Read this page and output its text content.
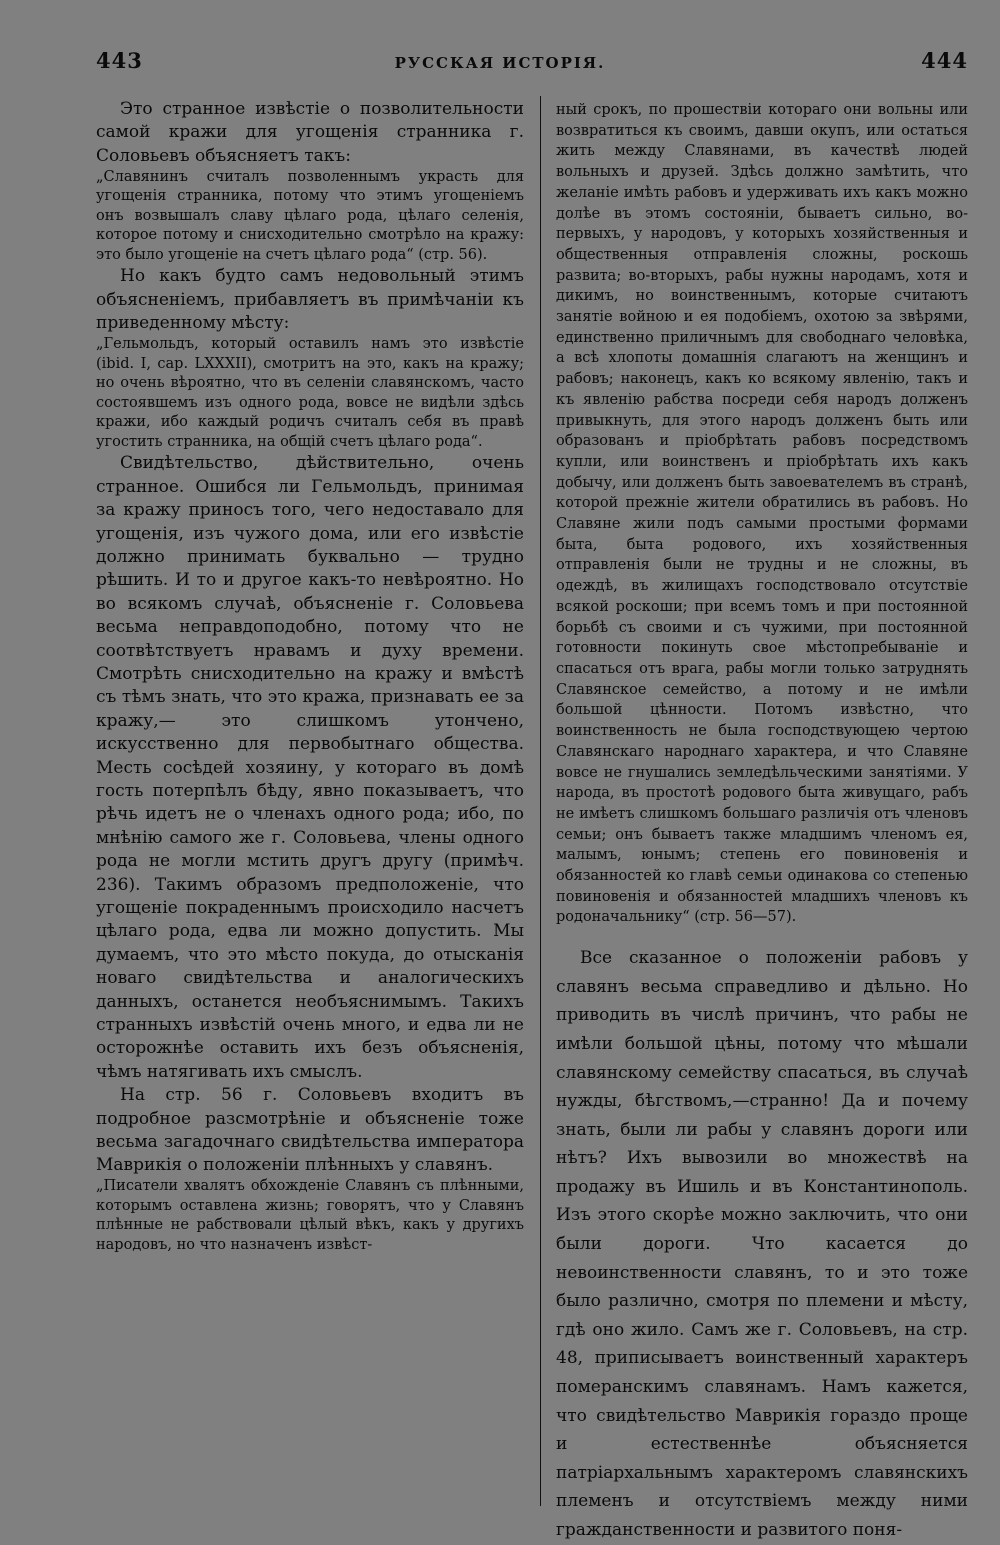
443	РУССКАЯ ИСТОРІЯ.	444

Это странное извѣстіе о позволительности самой кражи для угощенія странника г. Соловьевъ объясняетъ такъ:

„Славянинъ считалъ позволеннымъ украсть для угощенія странника, потому что этимъ угощеніемъ онъ возвышалъ славу цѣлаго рода, цѣлаго селенія, которое потому и снисходительно смотрѣло на кражу: это было угощеніе на счетъ цѣлаго рода“ (стр. 56).

Но какъ будто самъ недовольный этимъ объясненіемъ, прибавляетъ въ примѣчаніи къ приведенному мѣсту:

„Гельмольдъ, который оставилъ намъ это извѣстіе (ibid. I, cap. LXXXII), смотритъ на это, какъ на кражу; но очень вѣроятно, что въ селеніи славянскомъ, часто состоявшемъ изъ одного рода, вовсе не видѣли здѣсь кражи, ибо каждый родичъ считалъ себя въ правѣ угостить странника, на общій счетъ цѣлаго рода“.

Свидѣтельство, дѣйствительно, очень странное. Ошибся ли Гельмольдъ, принимая за кражу приносъ того, чего недоставало для угощенія, изъ чужого дома, или его извѣстіе должно принимать буквально — трудно рѣшить. И то и другое какъ-то невѣроятно. Но во всякомъ случаѣ, объясненіе г. Соловьева весьма неправдоподобно, потому что не соотвѣтствуетъ нравамъ и духу времени. Смотрѣть снисходительно на кражу и вмѣстѣ съ тѣмъ знать, что это кража, признавать ее за кражу,— это слишкомъ утончено, искусственно для первобытнаго общества. Месть сосѣдей хозяину, у котораго въ домѣ гость потерпѣлъ бѣду, явно показываетъ, что рѣчь идетъ не о членахъ одного рода; ибо, по мнѣнію самого же г. Соловьева, члены одного рода не могли мстить другъ другу (примѣч. 236). Такимъ образомъ предположеніе, что угощеніе покраденнымъ происходило насчетъ цѣлаго рода, едва ли можно допустить. Мы думаемъ, что это мѣсто покуда, до отысканія новаго свидѣтельства и аналогическихъ данныхъ, останется необъяснимымъ. Такихъ странныхъ извѣстій очень много, и едва ли не осторожнѣе оставить ихъ безъ объясненія, чѣмъ натягивать ихъ смыслъ.

На стр. 56 г. Соловьевъ входитъ въ подробное разсмотрѣніе и объясненіе тоже весьма загадочнаго свидѣтельства императора Маврикія о положеніи плѣнныхъ у славянъ.

„Писатели хвалятъ обхожденіе Славянъ съ плѣнными, которымъ оставлена жизнь; говорятъ, что у Славянъ плѣнные не рабствовали цѣлый вѣкъ, какъ у другихъ народовъ, но что назначенъ извѣст-

ный срокъ, по прошествіи котораго они вольны или возвратиться къ своимъ, давши окупъ, или остаться жить между Славянами, въ качествѣ людей вольныхъ и друзей. Здѣсь должно замѣтить, что желаніе имѣть рабовъ и удерживать ихъ какъ можно долѣе въ этомъ состояніи, бываетъ сильно, во-первыхъ, у народовъ, у которыхъ хозяйственныя и общественныя отправленія сложны, роскошь развита; во-вторыхъ, рабы нужны народамъ, хотя и дикимъ, но воинственнымъ, которые считаютъ занятіе войною и ея подобіемъ, охотою за звѣрями, единственно приличнымъ для свободнаго человѣка, а всѣ хлопоты домашнія слагаютъ на женщинъ и рабовъ; наконецъ, какъ ко всякому явленію, такъ и къ явленію рабства посреди себя народъ долженъ привыкнуть, для этого народъ долженъ быть или образованъ и пріобрѣтать рабовъ посредствомъ купли, или воинственъ и пріобрѣтать ихъ какъ добычу, или долженъ быть завоевателемъ въ странѣ, которой прежніе жители обратились въ рабовъ. Но Славяне жили подъ самыми простыми формами быта, быта родового, ихъ хозяйственныя отправленія были не трудны и не сложны, въ одеждѣ, въ жилищахъ господствовало отсутствіе всякой роскоши; при всемъ томъ и при постоянной борьбѣ съ своими и съ чужими, при постоянной готовности покинуть свое мѣстопребываніе и спасаться отъ врага, рабы могли только затруднять Славянское семейство, а потому и не имѣли большой цѣнности. Потомъ извѣстно, что воинственность не была господствующею чертою Славянскаго народнаго характера, и что Славяне вовсе не гнушались земледѣльческими занятіями. У народа, въ простотѣ родового быта живущаго, рабъ не имѣетъ слишкомъ большаго различія отъ членовъ семьи; онъ бываетъ также младшимъ членомъ ея, малымъ, юнымъ; степень его повиновенія и обязанностей ко главѣ семьи одинакова со степенью повиновенія и обязанностей младшихъ членовъ къ родоначальнику“ (стр. 56—57).

Все сказанное о положеніи рабовъ у славянъ весьма справедливо и дѣльно. Но приводить въ числѣ причинъ, что рабы не имѣли большой цѣны, потому что мѣшали славянскому семейству спасаться, въ случаѣ нужды, бѣгствомъ,—странно! Да и почему знать, были ли рабы у славянъ дороги или нѣтъ? Ихъ вывозили во множествѣ на продажу въ Ишиль и въ Константинополь. Изъ этого скорѣе можно заключить, что они были дороги. Что касается до невоинственности славянъ, то и это тоже было различно, смотря по племени и мѣсту, гдѣ оно жило. Самъ же г. Соловьевъ, на стр. 48, приписываетъ воинственный характеръ померанскимъ славянамъ. Намъ кажется, что свидѣтельство Маврикія гораздо проще и естественнѣе объясняется патріархальнымъ характеромъ славянскихъ племенъ и отсутствіемъ между ними гражданственности и развитого поня-
